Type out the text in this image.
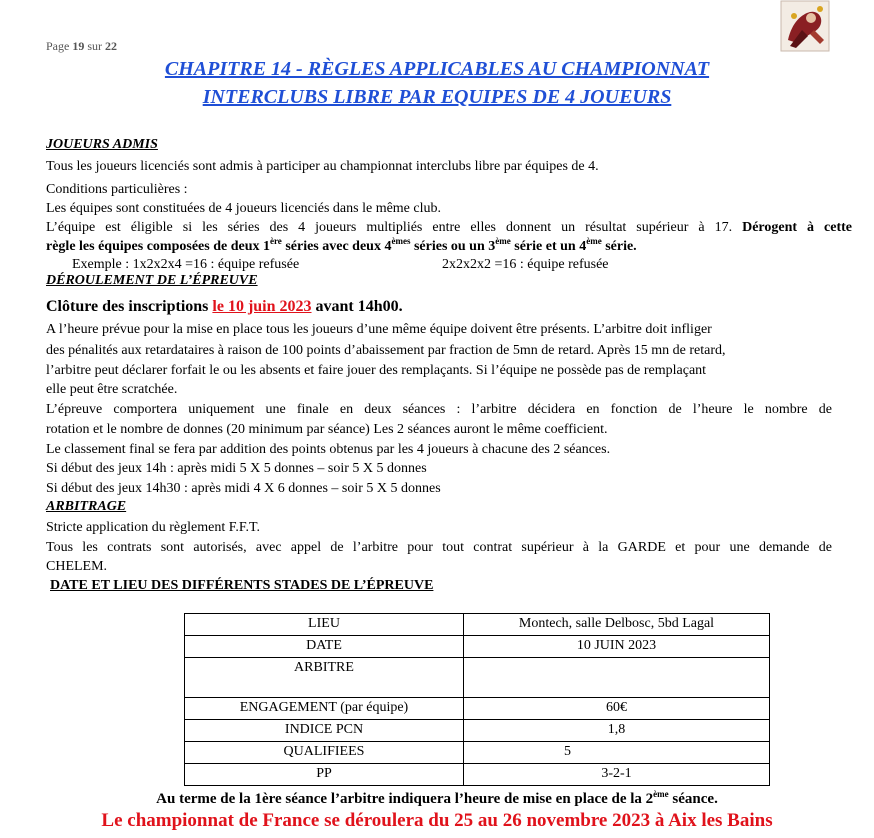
Page 19 sur 22
CHAPITRE 14 - RÈGLES APPLICABLES AU CHAMPIONNAT
INTERCLUBS LIBRE PAR EQUIPES DE 4 JOUEURS
JOUEURS ADMIS
Tous les joueurs licenciés sont admis à participer au championnat interclubs libre par équipes de 4.
Conditions particulières :
Les équipes sont constituées de 4 joueurs licenciés dans le même club.
L’équipe est éligible si les séries des 4 joueurs multipliés entre elles donnent un résultat supérieur à 17. Dérogent à cette
règle les équipes composées de deux 1ère séries avec deux 4èmes séries ou un 3ème série et un 4ème série.
Exemple : 1x2x2x4 =16 : équipe refusée	2x2x2x2 =16 : équipe refusée
DÉROULEMENT DE L’ÉPREUVE
Clôture des inscriptions le 10 juin 2023 avant 14h00.
A l’heure prévue pour la mise en place tous les joueurs d’une même équipe doivent être présents. L’arbitre doit infliger
des pénalités aux retardataires à raison de 100 points d’abaissement par fraction de 5mn de retard. Après 15 mn de retard,
l’arbitre peut déclarer forfait le ou les absents et faire jouer des remplaçants. Si l’équipe ne possède pas de remplaçant
elle peut être scratchée.
L’épreuve comportera uniquement une finale en deux séances : l’arbitre décidera en fonction de l’heure le nombre de
rotation et le nombre de donnes (20 minimum par séance) Les 2 séances auront le même coefficient.
Le classement final se fera par addition des points obtenus par les 4 joueurs à chacune des 2 séances.
Si début des jeux 14h : après midi 5 X 5 donnes – soir 5 X 5 donnes
Si début des jeux 14h30 : après midi 4 X 6 donnes – soir 5 X 5 donnes
ARBITRAGE
Stricte application du règlement F.F.T.
Tous les contrats sont autorisés, avec appel de l’arbitre pour tout contrat supérieur à la GARDE et pour une demande de
CHELEM.
DATE ET LIEU DES DIFFÉRENTS STADES DE L’ÉPREUVE
LIEU	Montech, salle Delbosc, 5bd Lagal
DATE	10 JUIN 2023
ARBITRE	
ENGAGEMENT (par équipe)	60€
INDICE PCN	1,8
QUALIFIEES	5
PP	3-2-1
Au terme de la 1ère séance l’arbitre indiquera l’heure de mise en place de la 2ème séance.
Le championnat de France se déroulera du 25 au 26 novembre 2023 à Aix les Bains
